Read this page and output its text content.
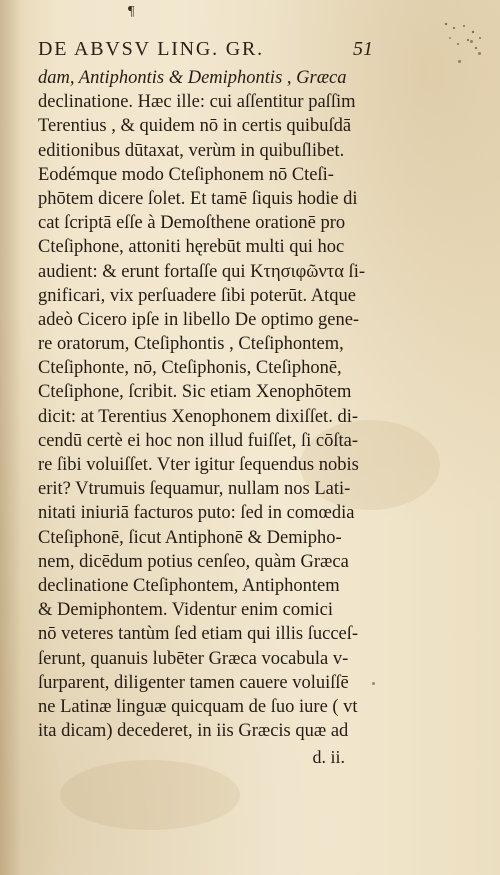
¶
DE ABVSV LING. GR.	51
dam, Antiphontis & Demiphontis , Græca
declinatione. Hæc ille: cui aſſentitur paſſim
Terentius , & quidem nō in certis quibuſdā
editionibus dūtaxat, verùm in quibuſlibet.
Eodémque modo Cteſiphonem nō Cteſi-
phōtem dicere ſolet. Et tamē ſiquis hodie di
cat ſcriptā eſſe à Demoſthene orationē pro
Cteſiphone, attoniti hęrebūt multi qui hoc
audient: & erunt fortaſſe qui Κτησιφῶντα ſi-
gnificari, vix perſuadere ſibi poterūt. Atque
adeò Cicero ipſe in libello De optimo gene-
re oratorum, Cteſiphontis , Cteſiphontem,
Cteſiphonte, nō, Cteſiphonis, Cteſiphonē,
Cteſiphone, ſcribit. Sic etiam Xenophōtem
dicit: at Terentius Xenophonem dixiſſet. di-
cendū certè ei hoc non illud fuiſſet, ſi cōſta-
re ſibi voluiſſet. Vter igitur ſequendus nobis
erit? Vtrumuis ſequamur, nullam nos Lati-
nitati iniuriā facturos puto: ſed in comœdia
Cteſiphonē, ſicut Antiphonē & Demipho-
nem, dicēdum potius cenſeo, quàm Græca
declinatione Cteſiphontem, Antiphontem
& Demiphontem. Videntur enim comici
nō veteres tantùm ſed etiam qui illis ſucceſ-
ſerunt, quanuis lubēter Græca vocabula v-
ſurparent, diligenter tamen cauere voluiſſē
ne Latinæ linguæ quicquam de ſuo iure ( vt
ita dicam) decederet, in iis Græcis quæ ad
d. ii.
